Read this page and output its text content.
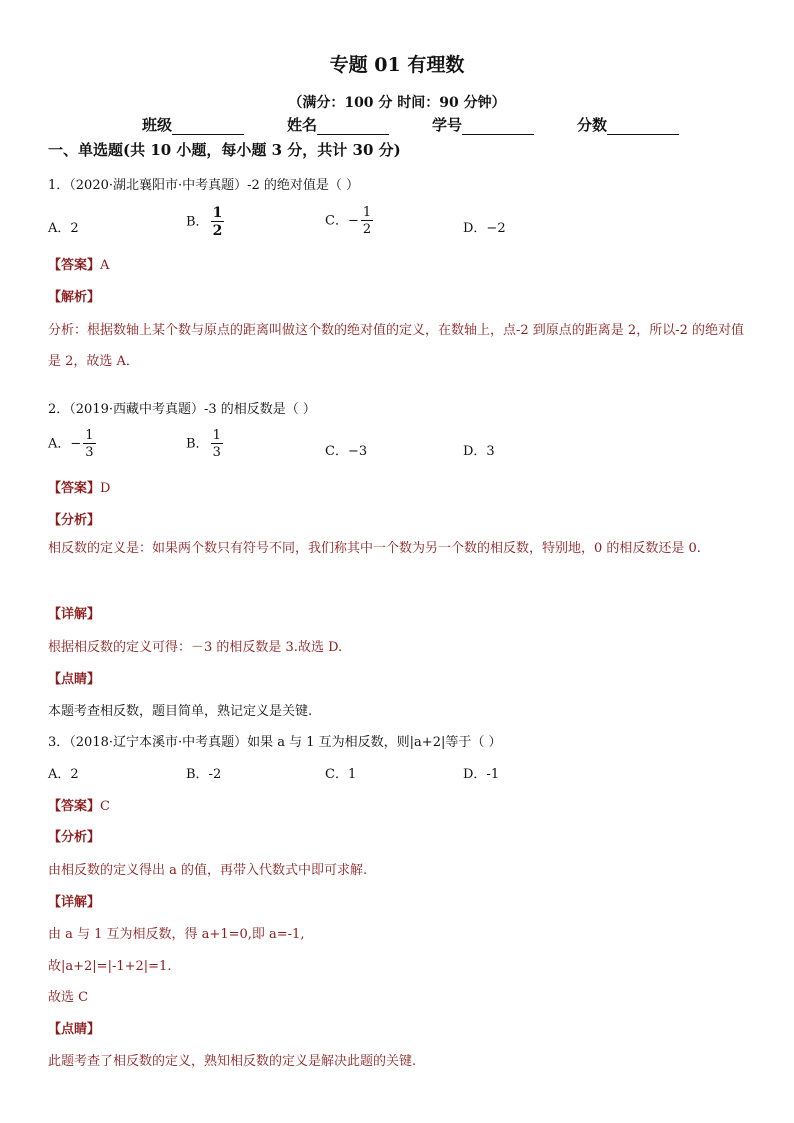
专题 01 有理数
（满分：100 分 时间：90 分钟）
班级	姓名	学号	分数
一、单选题(共 10 小题，每小题 3 分，共计 30 分)
1．（2020·湖北襄阳市·中考真题）-2 的绝对值是（ ）
A．2	B． $\frac{1}{2}$	C．− $\frac{1}{2}$	D．−2
【答案】A
【解析】
分析：根据数轴上某个数与原点的距离叫做这个数的绝对值的定义，在数轴上，点-2 到原点的距离是 2，所以-2 的绝对值是 2，故选 A．
2．（2019·西藏中考真题）-3 的相反数是（ ）
A．− $\frac{1}{3}$	B． $\frac{1}{3}$	C．−3	D．3
【答案】D
【分析】
相反数的定义是：如果两个数只有符号不同，我们称其中一个数为另一个数的相反数，特别地，0 的相反数还是 0.
【详解】
根据相反数的定义可得：－3 的相反数是 3.故选 D.
【点睛】
本题考查相反数，题目简单，熟记定义是关键.
3．（2018·辽宁本溪市·中考真题）如果 a 与 1 互为相反数，则|a+2|等于（ ）
A．2	B．-2	C．1	D．-1
【答案】C
【分析】
由相反数的定义得出 a 的值，再带入代数式中即可求解.
【详解】
由 a 与 1 互为相反数，得 a+1=0,即 a=-1,
故|a+2|=|-1+2|=1.
故选 C
【点睛】
此题考查了相反数的定义，熟知相反数的定义是解决此题的关键.
